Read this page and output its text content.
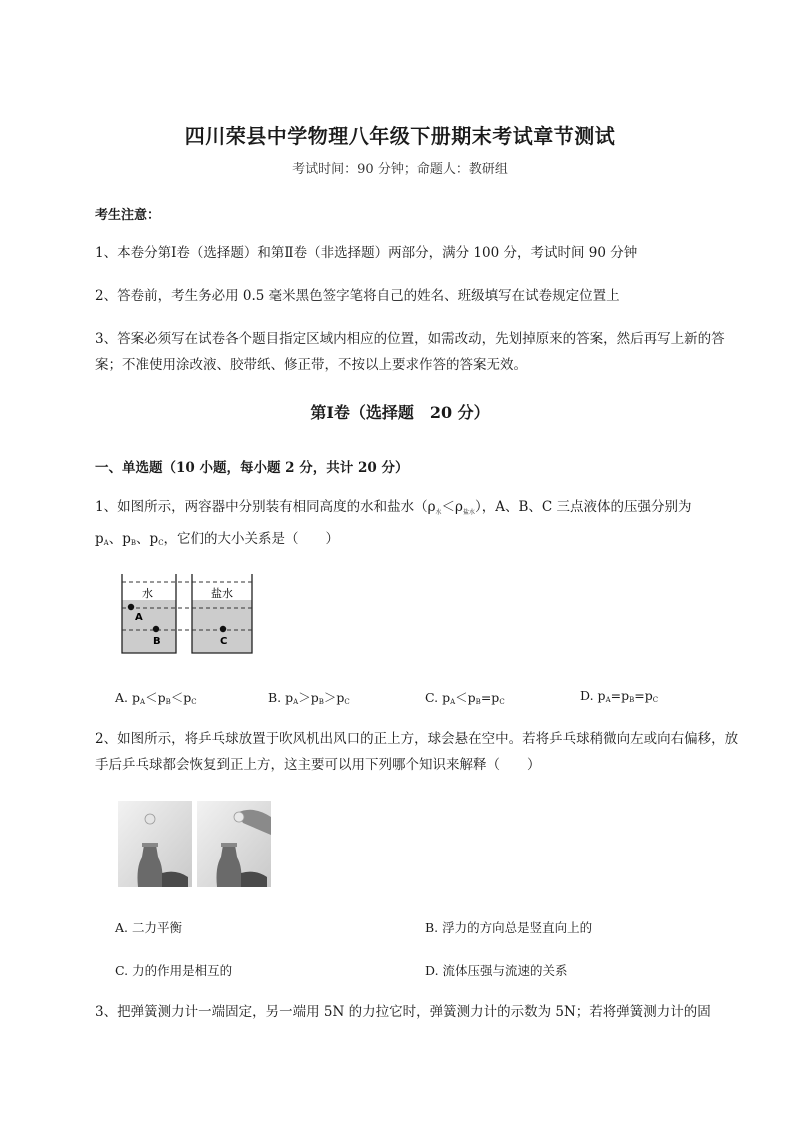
四川荣县中学物理八年级下册期末考试章节测试
考试时间：90 分钟；命题人：教研组
考生注意：
1、本卷分第Ⅰ卷（选择题）和第Ⅱ卷（非选择题）两部分，满分 100 分，考试时间 90 分钟
2、答卷前，考生务必用 0.5 毫米黑色签字笔将自己的姓名、班级填写在试卷规定位置上
3、答案必须写在试卷各个题目指定区域内相应的位置，如需改动，先划掉原来的答案，然后再写上新的答案；不准使用涂改液、胶带纸、修正带，不按以上要求作答的答案无效。
第Ⅰ卷（选择题　20 分）
一、单选题（10 小题，每小题 2 分，共计 20 分）
1、如图所示，两容器中分别装有相同高度的水和盐水$(\rho_水<\rho_{盐水})$，A、B、C 三点液体的压强分别为
$p_A$、$p_B$、$p_C$，它们的大小关系是（　　）
水	盐水
A
B	C
A. $p_A<p_B<p_C$	B. $p_A>p_B>p_C$	C. $p_A<p_B=p_C$	D. $p_A=p_B=p_C$
2、如图所示，将乒乓球放置于吹风机出风口的正上方，球会悬在空中。若将乒乓球稍微向左或向右偏移，放手后乒乓球都会恢复到正上方，这主要可以用下列哪个知识来解释（　　）
A. 二力平衡	B. 浮力的方向总是竖直向上的
C. 力的作用是相互的	D. 流体压强与流速的关系
3、把弹簧测力计一端固定，另一端用 5N 的力拉它时，弹簧测力计的示数为 5N；若将弹簧测力计的固
